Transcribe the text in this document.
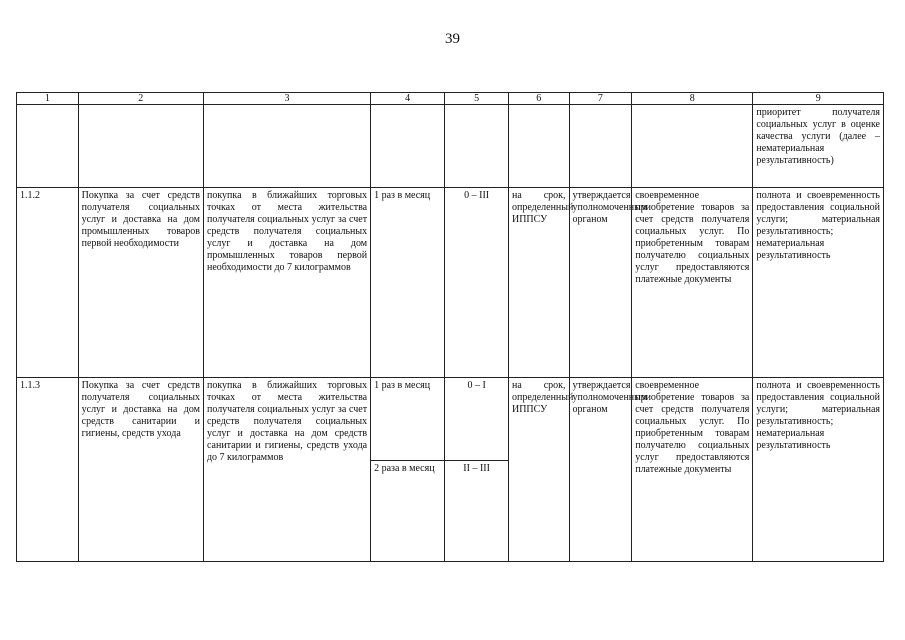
39
1	2	3	4	5	6	7	8	9
								приоритет получателя социальных услуг в оценке качества услуги (далее – нематериальная результативность)
1.1.2	Покупка за счет средств получателя социальных услуг и доставка на дом промышленных товаров первой необходимости	покупка в ближайших торговых точках от места жительства получателя социальных услуг за счет средств получателя социальных услуг и доставка на дом промышленных товаров первой необходимости до 7 килограммов	1 раз в месяц	0 – III	на срок, определенный ИППСУ	утверждается уполномоченным органом	своевременное приобретение товаров за счет средств получателя социальных услуг. По приобретенным товарам получателю социальных услуг предоставляются платежные документы	полнота и своевременность предоставления социальной услуги; материальная результативность; нематериальная результативность
1.1.3	Покупка за счет средств получателя социальных услуг и доставка на дом средств санитарии и гигиены, средств ухода	покупка в ближайших торговых точках от места жительства получателя социальных услуг за счет средств получателя социальных услуг и доставка на дом средств санитарии и гигиены, средств ухода до 7 килограммов	1 раз в месяц	0 – I	на срок, определенный ИППСУ	утверждается уполномоченным органом	своевременное приобретение товаров за счет средств получателя социальных услуг. По приобретенным товарам получателю социальных услуг предоставляются платежные документы	полнота и своевременность предоставления социальной услуги; материальная результативность; нематериальная результативность
			2 раза в месяц	II – III				
